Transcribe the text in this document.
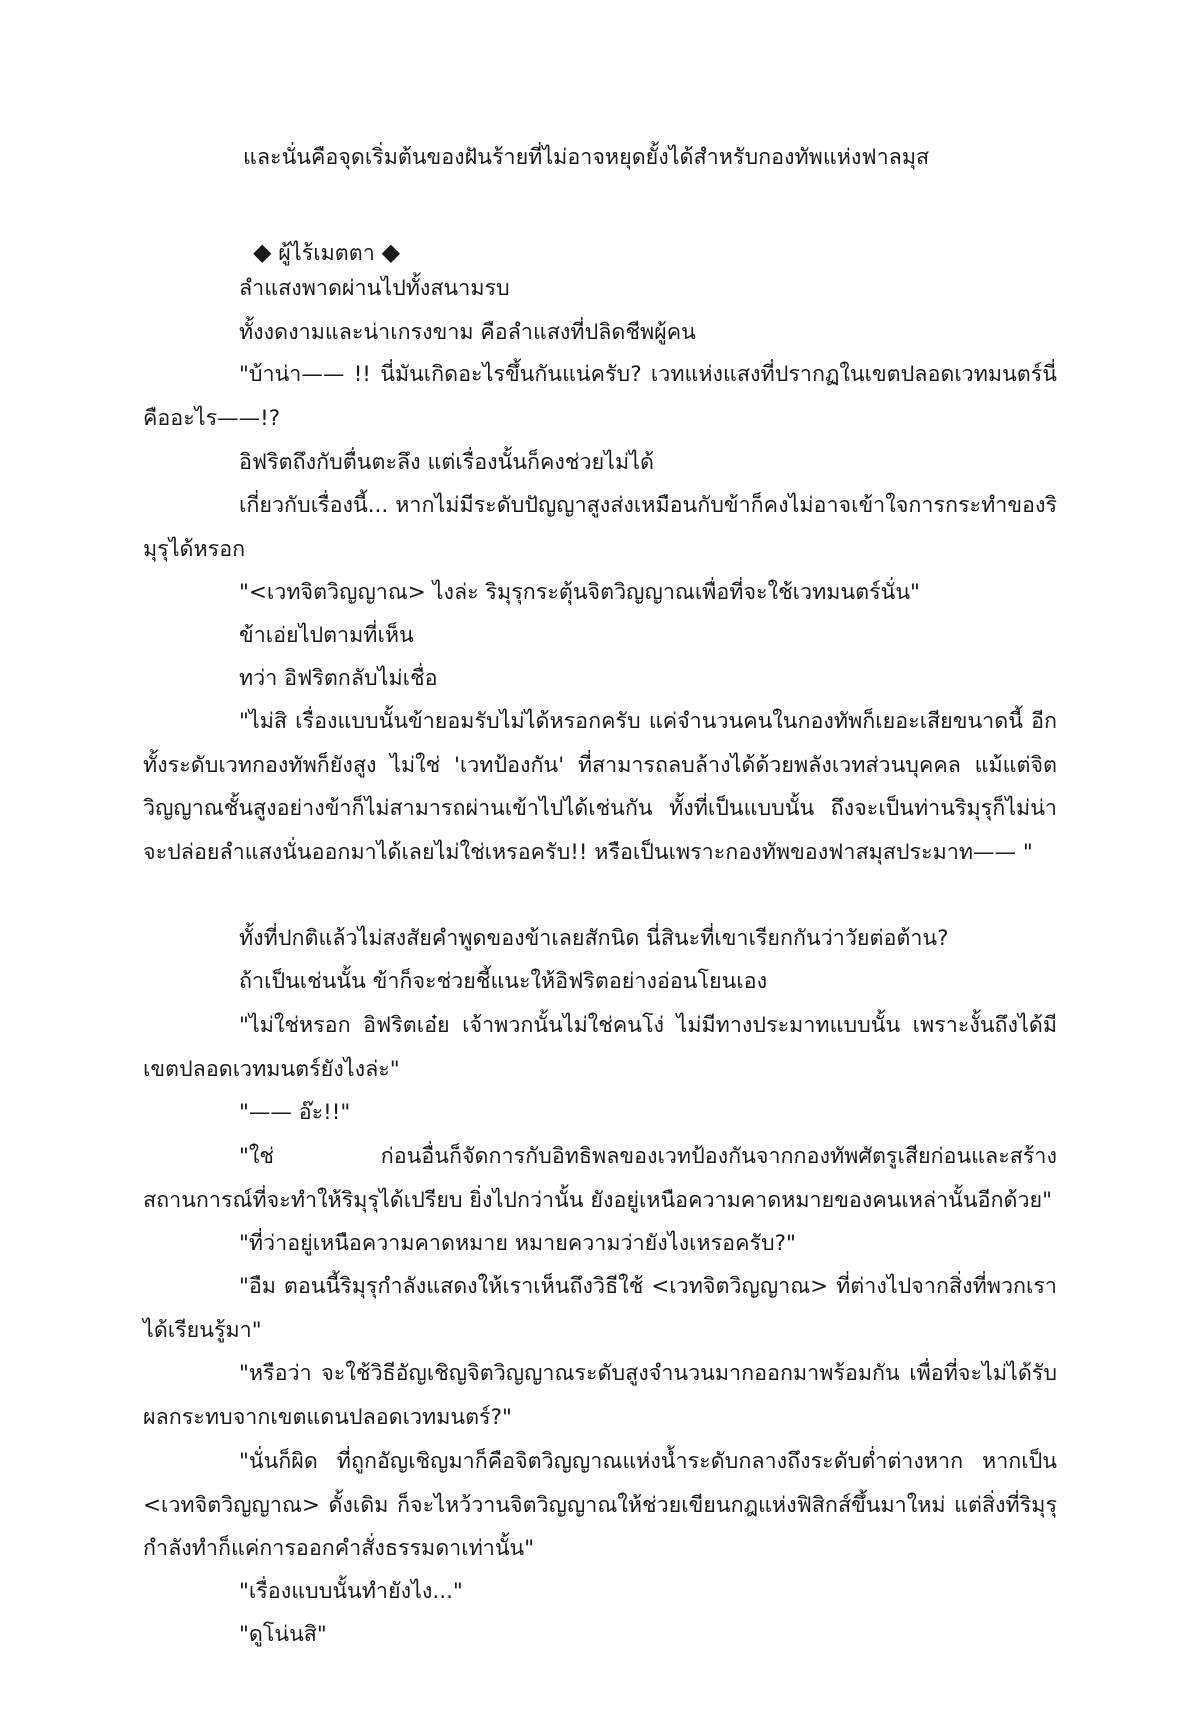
และนั่นคือจุดเริ่มต้นของฝันร้ายที่ไม่อาจหยุดยั้งได้สำหรับกองทัพแห่งฟาลมุส

◆ ผู้ไร้เมตตา ◆

ลำแสงพาดผ่านไปทั้งสนามรบ

ทั้งงดงามและน่าเกรงขาม คือลำแสงที่ปลิดชีพผู้คน

"บ้าน่า—— !! นี่มันเกิดอะไรขึ้นกันแน่ครับ? เวทแห่งแสงที่ปรากฏในเขตปลอดเวทมนตร์นี่คืออะไร——!?

อิฟริตถึงกับตื่นตะลึง แต่เรื่องนั้นก็คงช่วยไม่ได้

เกี่ยวกับเรื่องนี้... หากไม่มีระดับปัญญาสูงส่งเหมือนกับข้าก็คงไม่อาจเข้าใจการกระทำของริมุรุได้หรอก

"<เวทจิตวิญญาณ> ไงล่ะ ริมุรุกระตุ้นจิตวิญญาณเพื่อที่จะใช้เวทมนตร์นั่น"

ข้าเอ่ยไปตามที่เห็น

ทว่า อิฟริตกลับไม่เชื่อ

"ไม่สิ เรื่องแบบนั้นข้ายอมรับไม่ได้หรอกครับ แค่จำนวนคนในกองทัพก็เยอะเสียขนาดนี้ อีกทั้งระดับเวทกองทัพก็ยังสูง ไม่ใช่ 'เวทป้องกัน' ที่สามารถลบล้างได้ด้วยพลังเวทส่วนบุคคล แม้แต่จิตวิญญาณชั้นสูงอย่างข้าก็ไม่สามารถผ่านเข้าไปได้เช่นกัน ทั้งที่เป็นแบบนั้น ถึงจะเป็นท่านริมุรุก็ไม่น่าจะปล่อยลำแสงนั่นออกมาได้เลยไม่ใช่เหรอครับ!! หรือเป็นเพราะกองทัพของฟาสมุสประมาท—— "

ทั้งที่ปกติแล้วไม่สงสัยคำพูดของข้าเลยสักนิด นี่สินะที่เขาเรียกกันว่าวัยต่อต้าน?

ถ้าเป็นเช่นนั้น ข้าก็จะช่วยชี้แนะให้อิฟริตอย่างอ่อนโยนเอง

"ไม่ใช่หรอก อิฟริตเอ๋ย เจ้าพวกนั้นไม่ใช่คนโง่ ไม่มีทางประมาทแบบนั้น เพราะงั้นถึงได้มีเขตปลอดเวทมนตร์ยังไงล่ะ"

"—— อ๊ะ!!"

"ใช่ ก่อนอื่นก็จัดการกับอิทธิพลของเวทป้องกันจากกองทัพศัตรูเสียก่อนและสร้างสถานการณ์ที่จะทำให้ริมุรุได้เปรียบ ยิ่งไปกว่านั้น ยังอยู่เหนือความคาดหมายของคนเหล่านั้นอีกด้วย"

"ที่ว่าอยู่เหนือความคาดหมาย หมายความว่ายังไงเหรอครับ?"

"อืม ตอนนี้ริมุรุกำลังแสดงให้เราเห็นถึงวิธีใช้ <เวทจิตวิญญาณ> ที่ต่างไปจากสิ่งที่พวกเราได้เรียนรู้มา"

"หรือว่า จะใช้วิธีอัญเชิญจิตวิญญาณระดับสูงจำนวนมากออกมาพร้อมกัน เพื่อที่จะไม่ได้รับผลกระทบจากเขตแดนปลอดเวทมนตร์?"

"นั่นก็ผิด ที่ถูกอัญเชิญมาก็คือจิตวิญญาณแห่งน้ำระดับกลางถึงระดับต่ำต่างหาก หากเป็น <เวทจิตวิญญาณ> ดั้งเดิม ก็จะไหว้วานจิตวิญญาณให้ช่วยเขียนกฎแห่งฟิสิกส์ขึ้นมาใหม่ แต่สิ่งที่ริมุรุกำลังทำก็แค่การออกคำสั่งธรรมดาเท่านั้น"

"เรื่องแบบนั้นทำยังไง..."

"ดูโน่นสิ"
